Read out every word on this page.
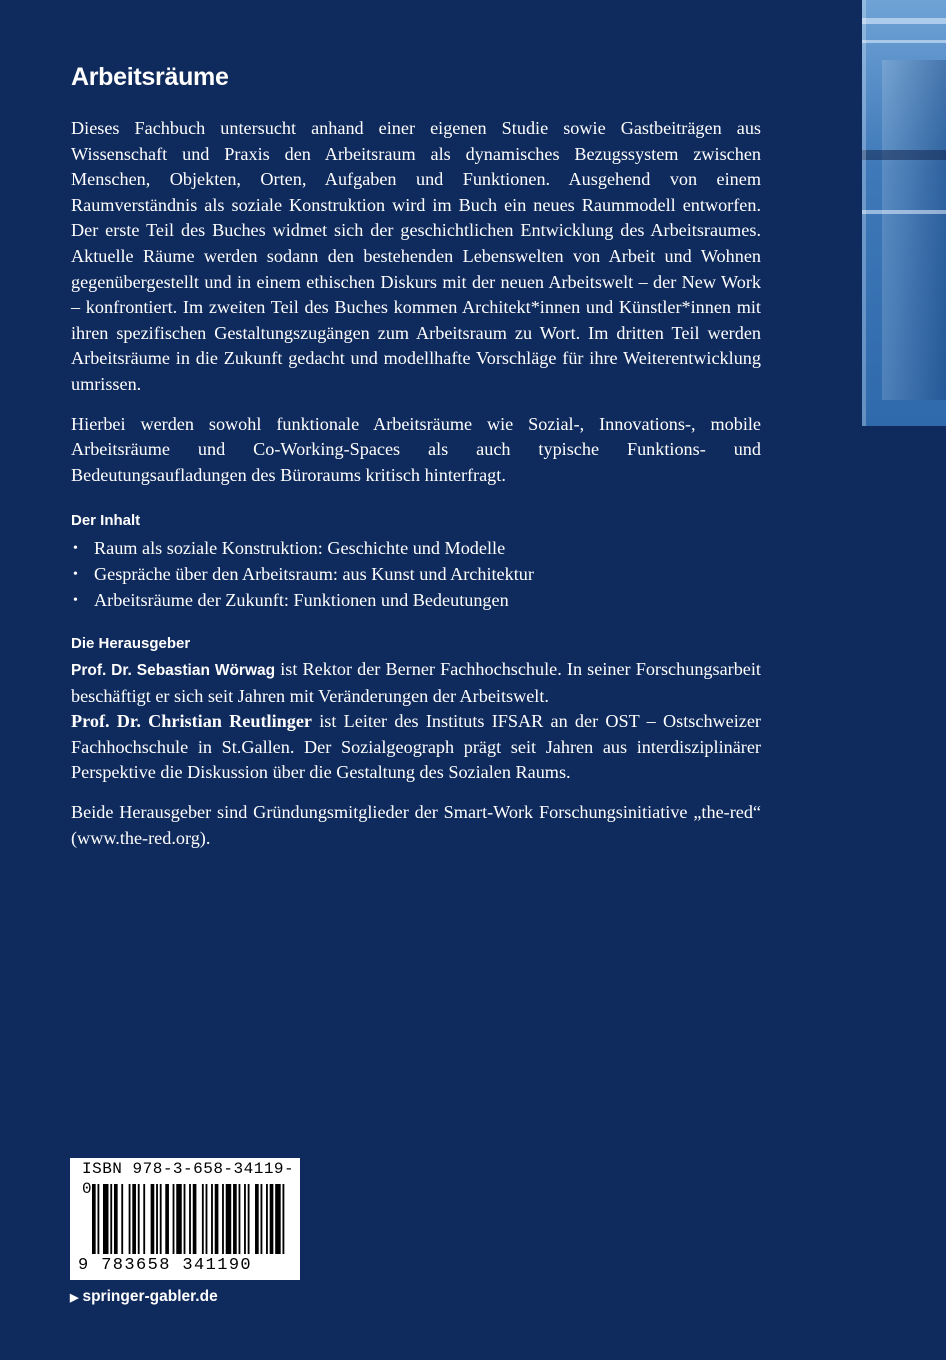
Arbeitsräume

Dieses Fachbuch untersucht anhand einer eigenen Studie sowie Gastbeiträgen aus Wissenschaft und Praxis den Arbeitsraum als dynamisches Bezugssystem zwischen Menschen, Objekten, Orten, Aufgaben und Funktionen. Ausgehend von einem Raumverständnis als soziale Konstruktion wird im Buch ein neues Raummodell entworfen. Der erste Teil des Buches widmet sich der geschichtlichen Entwicklung des Arbeitsraumes. Aktuelle Räume werden sodann den bestehenden Lebenswelten von Arbeit und Wohnen gegenübergestellt und in einem ethischen Diskurs mit der neuen Arbeitswelt – der New Work – konfrontiert. Im zweiten Teil des Buches kommen Architekt*innen und Künstler*innen mit ihren spezifischen Gestaltungszugängen zum Arbeitsraum zu Wort. Im dritten Teil werden Arbeitsräume in die Zukunft gedacht und modellhafte Vorschläge für ihre Weiterentwicklung umrissen.

Hierbei werden sowohl funktionale Arbeitsräume wie Sozial-, Innovations-, mobile Arbeitsräume und Co-Working-Spaces als auch typische Funktions- und Bedeutungsaufladungen des Büroraums kritisch hinterfragt.

Der Inhalt

• Raum als soziale Konstruktion: Geschichte und Modelle
• Gespräche über den Arbeitsraum: aus Kunst und Architektur
• Arbeitsräume der Zukunft: Funktionen und Bedeutungen

Die Herausgeber

Prof. Dr. Sebastian Wörwag ist Rektor der Berner Fachhochschule. In seiner Forschungsarbeit beschäftigt er sich seit Jahren mit Veränderungen der Arbeitswelt.

Prof. Dr. Christian Reutlinger ist Leiter des Instituts IFSAR an der OST – Ostschweizer Fachhochschule in St.Gallen. Der Sozialgeograph prägt seit Jahren aus interdisziplinärer Perspektive die Diskussion über die Gestaltung des Sozialen Raums.

Beide Herausgeber sind Gründungsmitglieder der Smart-Work Forschungsinitiative „the-red“ (www.the-red.org).

ISBN 978-3-658-34119-0
9 783658 341190
▶ springer-gabler.de
